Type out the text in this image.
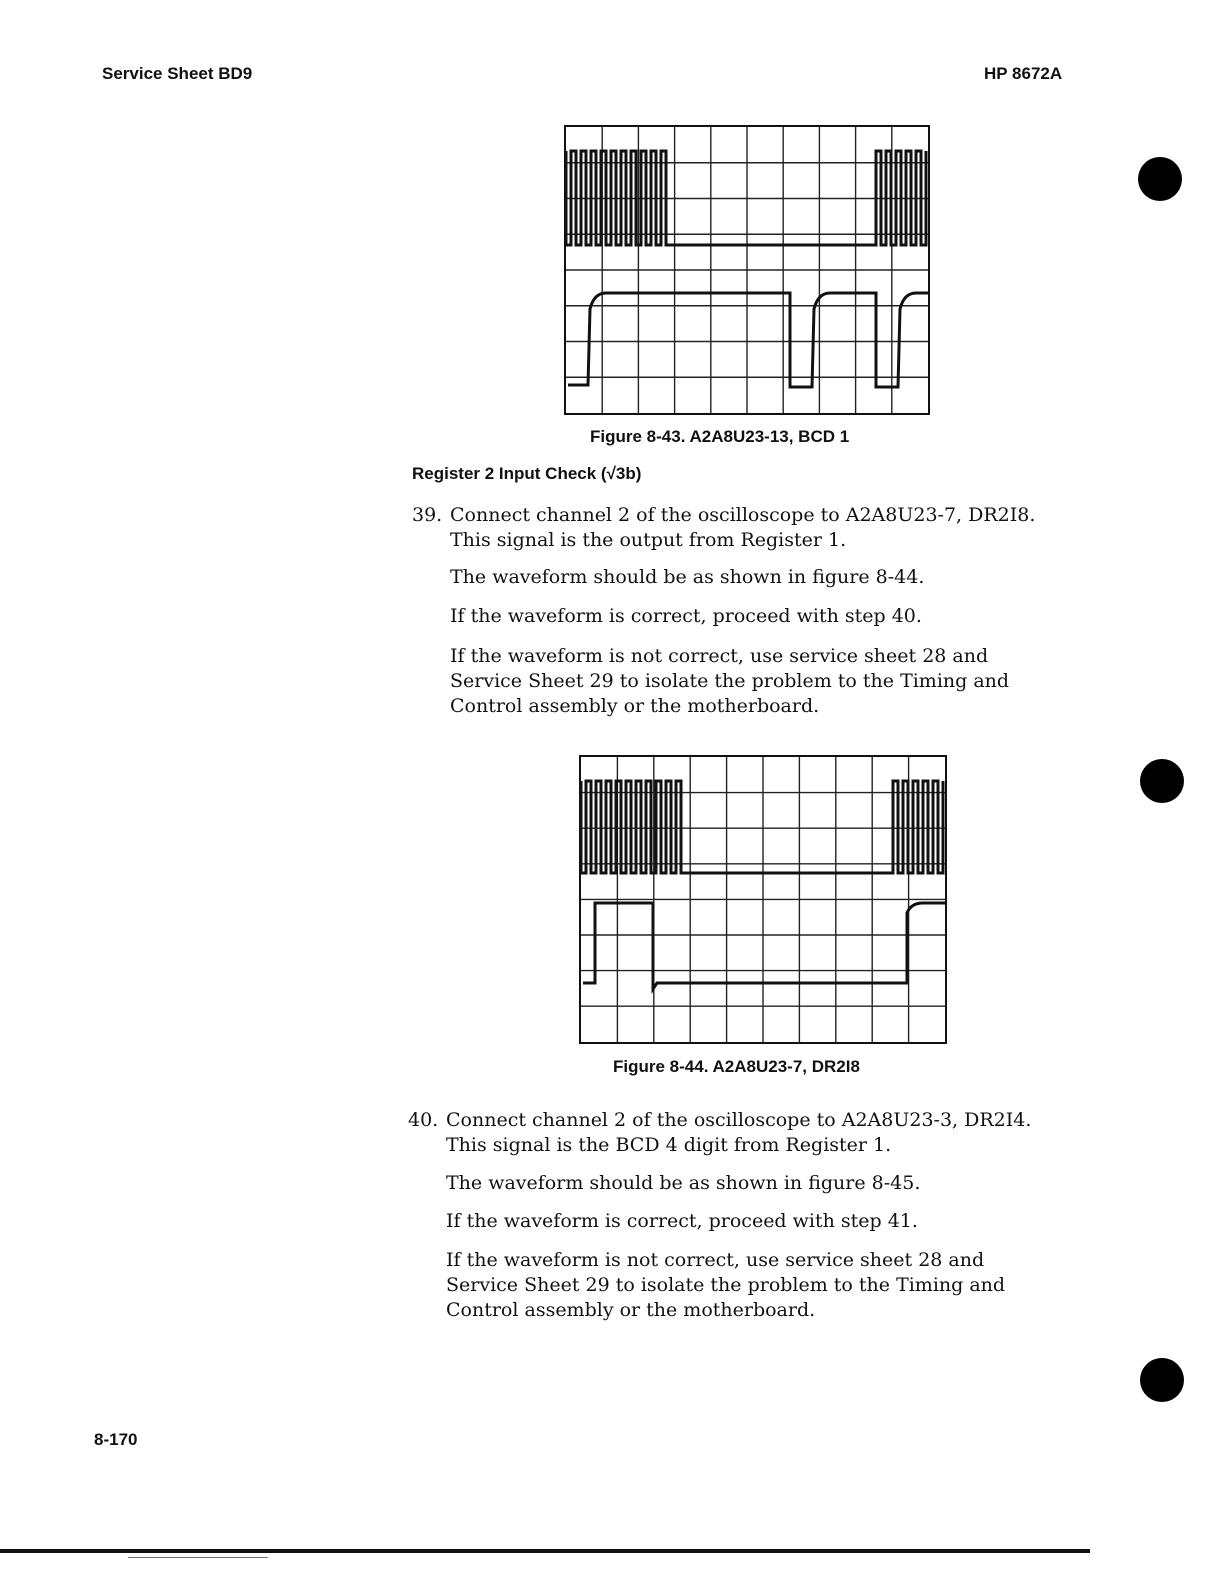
Service Sheet BD9	HP 8672A
Figure 8-43. A2A8U23-13, BCD 1
Register 2 Input Check (√3b)
39. Connect channel 2 of the oscilloscope to A2A8U23-7, DR2I8. This signal is the output from Register 1.
The waveform should be as shown in figure 8-44.
If the waveform is correct, proceed with step 40.
If the waveform is not correct, use service sheet 28 and Service Sheet 29 to isolate the problem to the Timing and Control assembly or the motherboard.
Figure 8-44. A2A8U23-7, DR2I8
40. Connect channel 2 of the oscilloscope to A2A8U23-3, DR2I4. This signal is the BCD 4 digit from Register 1.
The waveform should be as shown in figure 8-45.
If the waveform is correct, proceed with step 41.
If the waveform is not correct, use service sheet 28 and Service Sheet 29 to isolate the problem to the Timing and Control assembly or the motherboard.
8-170
